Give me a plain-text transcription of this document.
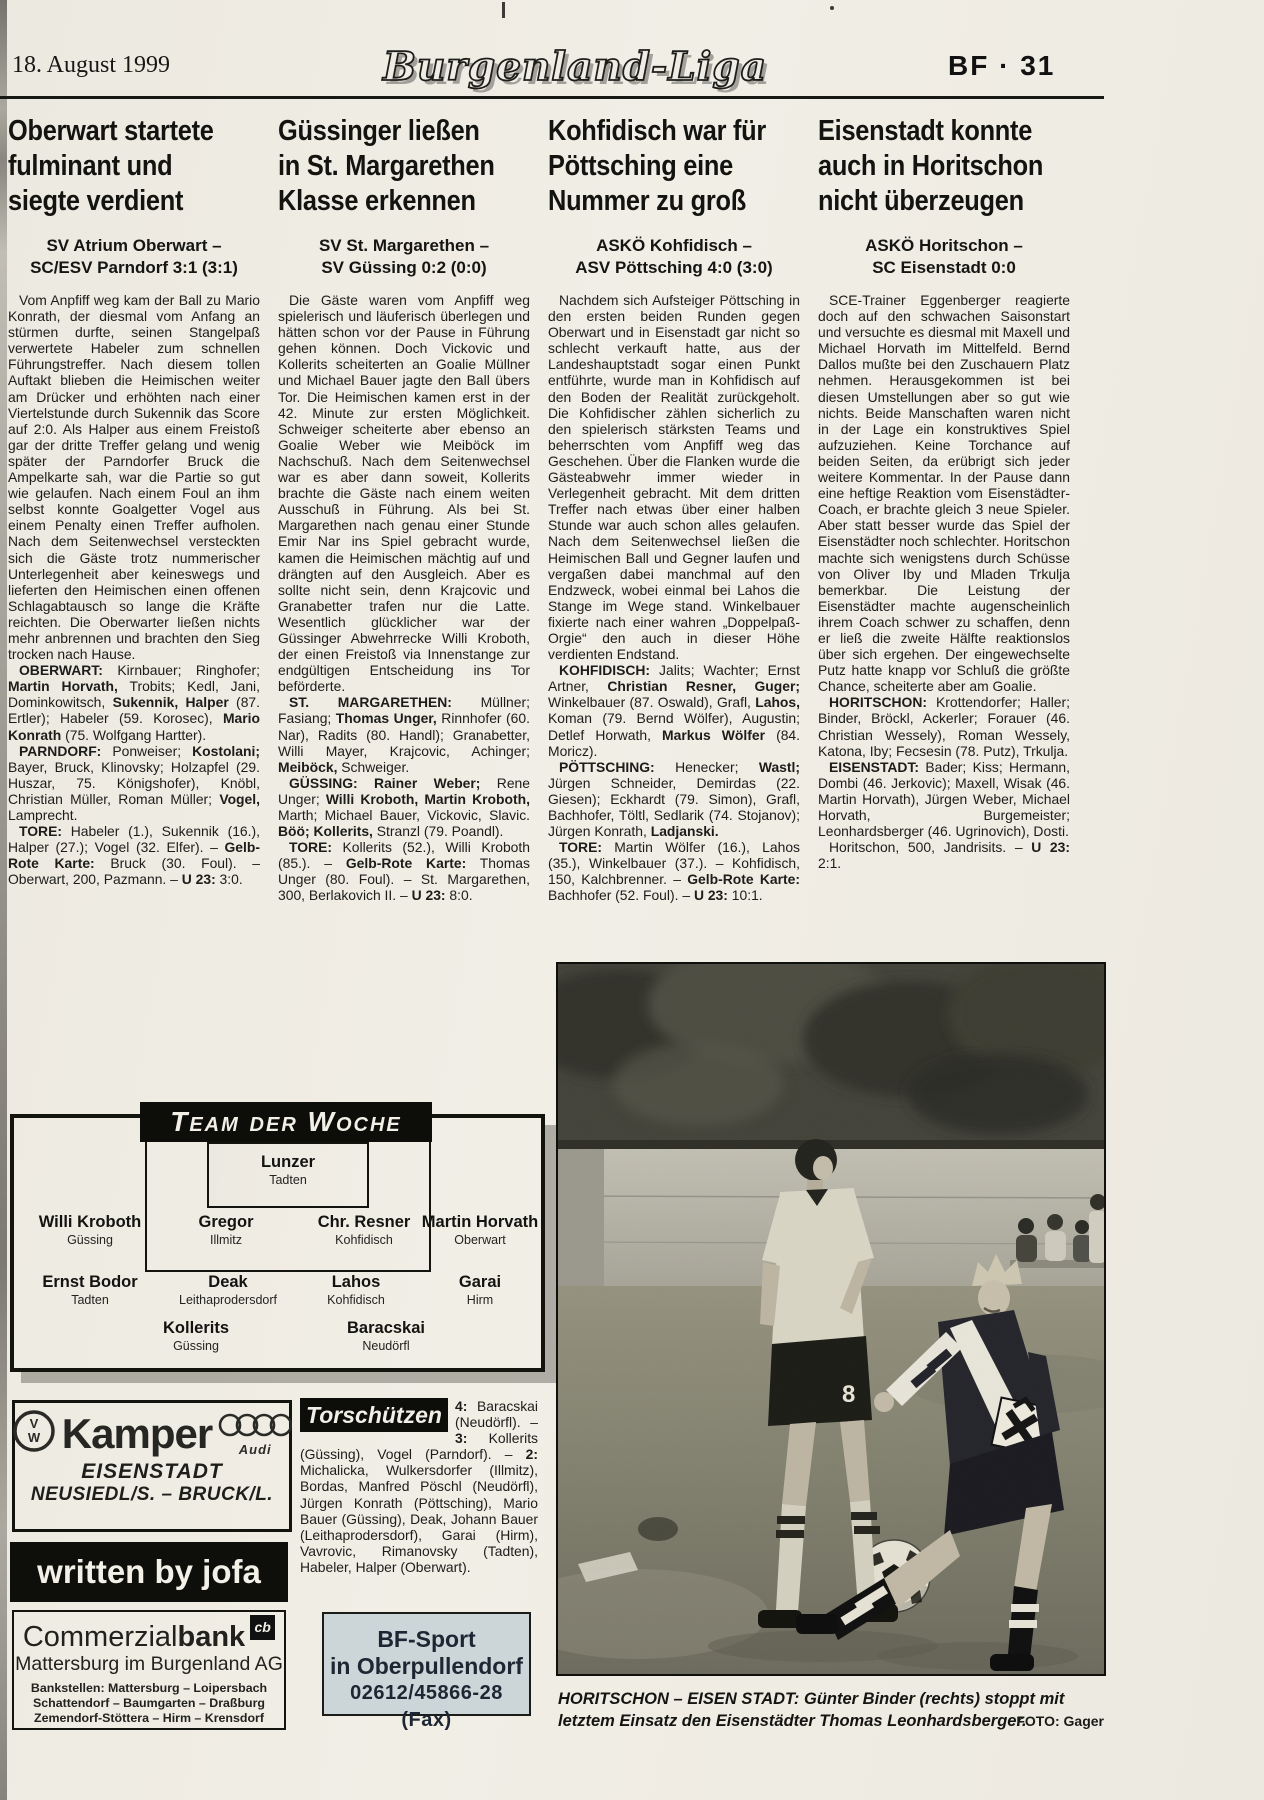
18. August 1999	Burgenland-Liga	BF · 31
Oberwart startete
fulminant und
siegte verdient
SV Atrium Oberwart –
SC/ESV Parndorf 3:1 (3:1)

Vom Anpfiff weg kam der Ball zu Mario Konrath, der diesmal vom Anfang an stürmen durfte, seinen Stangelpaß verwertete Habeler zum schnellen Führungstreffer. Nach diesem tollen Auftakt blieben die Heimischen weiter am Drücker und erhöhten nach einer Viertelstunde durch Sukennik das Score auf 2:0. Als Halper aus einem Freistoß gar der dritte Treffer gelang und wenig später der Parndorfer Bruck die Ampelkarte sah, war die Partie so gut wie gelaufen. Nach einem Foul an ihm selbst konnte Goalgetter Vogel aus einem Penalty einen Treffer aufholen. Nach dem Seitenwechsel versteckten sich die Gäste trotz nummerischer Unterlegenheit aber keineswegs und lieferten den Heimischen einen offenen Schlagabtausch so lange die Kräfte reichten. Die Oberwarter ließen nichts mehr anbrennen und brachten den Sieg trocken nach Hause.

OBERWART: Kirnbauer; Ringhofer; Martin Horvath, Trobits; Kedl, Jani, Dominkowitsch, Sukennik, Halper (87. Ertler); Habeler (59. Korosec), Mario Konrath (75. Wolfgang Hartter).

PARNDORF: Ponweiser; Kostolani; Bayer, Bruck, Klinovsky; Holzapfel (29. Huszar, 75. Königshofer), Knöbl, Christian Müller, Roman Müller; Vogel, Lamprecht.

TORE: Habeler (1.), Sukennik (16.), Halper (27.); Vogel (32. Elfer). – Gelb-Rote Karte: Bruck (30. Foul). – Oberwart, 200, Pazmann. – U 23: 3:0.

Güssinger ließen
in St. Margarethen
Klasse erkennen
SV St. Margarethen –
SV Güssing 0:2 (0:0)

Die Gäste waren vom Anpfiff weg spielerisch und läuferisch überlegen und hätten schon vor der Pause in Führung gehen können. Doch Vickovic und Kollerits scheiterten an Goalie Müllner und Michael Bauer jagte den Ball übers Tor. Die Heimischen kamen erst in der 42. Minute zur ersten Möglichkeit. Schweiger scheiterte aber ebenso an Goalie Weber wie Meiböck im Nachschuß. Nach dem Seitenwechsel war es aber dann soweit, Kollerits brachte die Gäste nach einem weiten Ausschuß in Führung. Als bei St. Margarethen nach genau einer Stunde Emir Nar ins Spiel gebracht wurde, kamen die Heimischen mächtig auf und drängten auf den Ausgleich. Aber es sollte nicht sein, denn Krajcovic und Granabetter trafen nur die Latte. Wesentlich glücklicher war der Güssinger Abwehrrecke Willi Kroboth, der einen Freistoß via Innenstange zur endgültigen Entscheidung ins Tor beförderte.

ST. MARGARETHEN: Müllner; Fasiang; Thomas Unger, Rinnhofer (60. Nar), Radits (80. Handl); Granabetter, Willi Mayer, Krajcovic, Achinger; Meiböck, Schweiger.

GÜSSING: Rainer Weber; Rene Unger; Willi Kroboth, Martin Kroboth, Marth; Michael Bauer, Vickovic, Slavic. Böö; Kollerits, Stranzl (79. Poandl).

TORE: Kollerits (52.), Willi Kroboth (85.). – Gelb-Rote Karte: Thomas Unger (80. Foul). – St. Margarethen, 300, Berlakovich II. – U 23: 8:0.

Kohfidisch war für
Pöttsching eine
Nummer zu groß
ASKÖ Kohfidisch –
ASV Pöttsching 4:0 (3:0)

Nachdem sich Aufsteiger Pöttsching in den ersten beiden Runden gegen Oberwart und in Eisenstadt gar nicht so schlecht verkauft hatte, aus der Landeshauptstadt sogar einen Punkt entführte, wurde man in Kohfidisch auf den Boden der Realität zurückgeholt. Die Kohfidischer zählen sicherlich zu den spielerisch stärksten Teams und beherrschten vom Anpfiff weg das Geschehen. Über die Flanken wurde die Gästeabwehr immer wieder in Verlegenheit gebracht. Mit dem dritten Treffer nach etwas über einer halben Stunde war auch schon alles gelaufen. Nach dem Seitenwechsel ließen die Heimischen Ball und Gegner laufen und vergaßen dabei manchmal auf den Endzweck, wobei einmal bei Lahos die Stange im Wege stand. Winkelbauer fixierte nach einer wahren „Doppelpaß-Orgie“ den auch in dieser Höhe verdienten Endstand.

KOHFIDISCH: Jalits; Wachter; Ernst Artner, Christian Resner, Guger; Winkelbauer (87. Oswald), Grafl, Lahos, Koman (79. Bernd Wölfer), Augustin; Detlef Horwath, Markus Wölfer (84. Moricz).

PÖTTSCHING: Henecker; Wastl; Jürgen Schneider, Demirdas (22. Giesen); Eckhardt (79. Simon), Grafl, Bachhofer, Töltl, Sedlarik (74. Stojanov); Jürgen Konrath, Ladjanski.

TORE: Martin Wölfer (16.), Lahos (35.), Winkelbauer (37.). – Kohfidisch, 150, Kalchbrenner. – Gelb-Rote Karte: Bachhofer (52. Foul). – U 23: 10:1.

Eisenstadt konnte
auch in Horitschon
nicht überzeugen
ASKÖ Horitschon –
SC Eisenstadt 0:0

SCE-Trainer Eggenberger reagierte doch auf den schwachen Saisonstart und versuchte es diesmal mit Maxell und Michael Horvath im Mittelfeld. Bernd Dallos mußte bei den Zuschauern Platz nehmen. Herausgekommen ist bei diesen Umstellungen aber so gut wie nichts. Beide Manschaften waren nicht in der Lage ein konstruktives Spiel aufzuziehen. Keine Torchance auf beiden Seiten, da erübrigt sich jeder weitere Kommentar. In der Pause dann eine heftige Reaktion vom Eisenstädter-Coach, er brachte gleich 3 neue Spieler. Aber statt besser wurde das Spiel der Eisenstädter noch schlechter. Horitschon machte sich wenigstens durch Schüsse von Oliver Iby und Mladen Trkulja bemerkbar. Die Leistung der Eisenstädter machte augenscheinlich ihrem Coach schwer zu schaffen, denn er ließ die zweite Hälfte reaktionslos über sich ergehen. Der eingewechselte Putz hatte knapp vor Schluß die größte Chance, scheiterte aber am Goalie.

HORITSCHON: Krottendorfer; Haller; Binder, Bröckl, Ackerler; Forauer (46. Christian Wessely), Roman Wessely, Katona, Iby; Fecsesin (78. Putz), Trkulja.

EISENSTADT: Bader; Kiss; Hermann, Dombi (46. Jerkovic); Maxell, Wisak (46. Martin Horvath), Jürgen Weber, Michael Horvath, Burgemeister; Leonhardsberger (46. Ugrinovich), Dosti.

Horitschon, 500, Jandrisits. – U 23: 2:1.

Team der Woche
Lunzer
Tadten
Willi Kroboth
Güssing
Gregor
Illmitz
Chr. Resner
Kohfidisch
Martin Horvath
Oberwart
Ernst Bodor
Tadten
Deak
Leithaprodersdorf
Lahos
Kohfidisch
Garai
Hirm
Kollerits
Güssing
Baracskai
Neudörfl
V
W Kamper Audi
EISENSTADT
NEUSIEDL/S. – BRUCK/L.
written by jofa
Commerzialbank cb
Mattersburg im Burgenland AG
Bankstellen: Mattersburg – Loipersbach
Schattendorf – Baumgarten – Draßburg
Zemendorf-Stöttera – Hirm – Krensdorf
Torschützen 4: Baracskai (Neudörfl). – 3: Kollerits (Güssing), Vogel (Parndorf). – 2: Michalicka, Wulkersdorfer (Illmitz), Bordas, Manfred Pöschl (Neudörfl), Jürgen Konrath (Pöttsching), Mario Bauer (Güssing), Deak, Johann Bauer (Leithaprodersdorf), Garai (Hirm), Vavrovic, Rimanovsky (Tadten), Habeler, Halper (Oberwart).

BF-Sport
in Oberpullendorf
02612/45866-28 (Fax)
8
HORITSCHON – EISEN STADT: Günter Binder (rechts) stoppt mit letztem Einsatz den Eisenstädter Thomas Leonhardsberger.
FOTO: Gager
